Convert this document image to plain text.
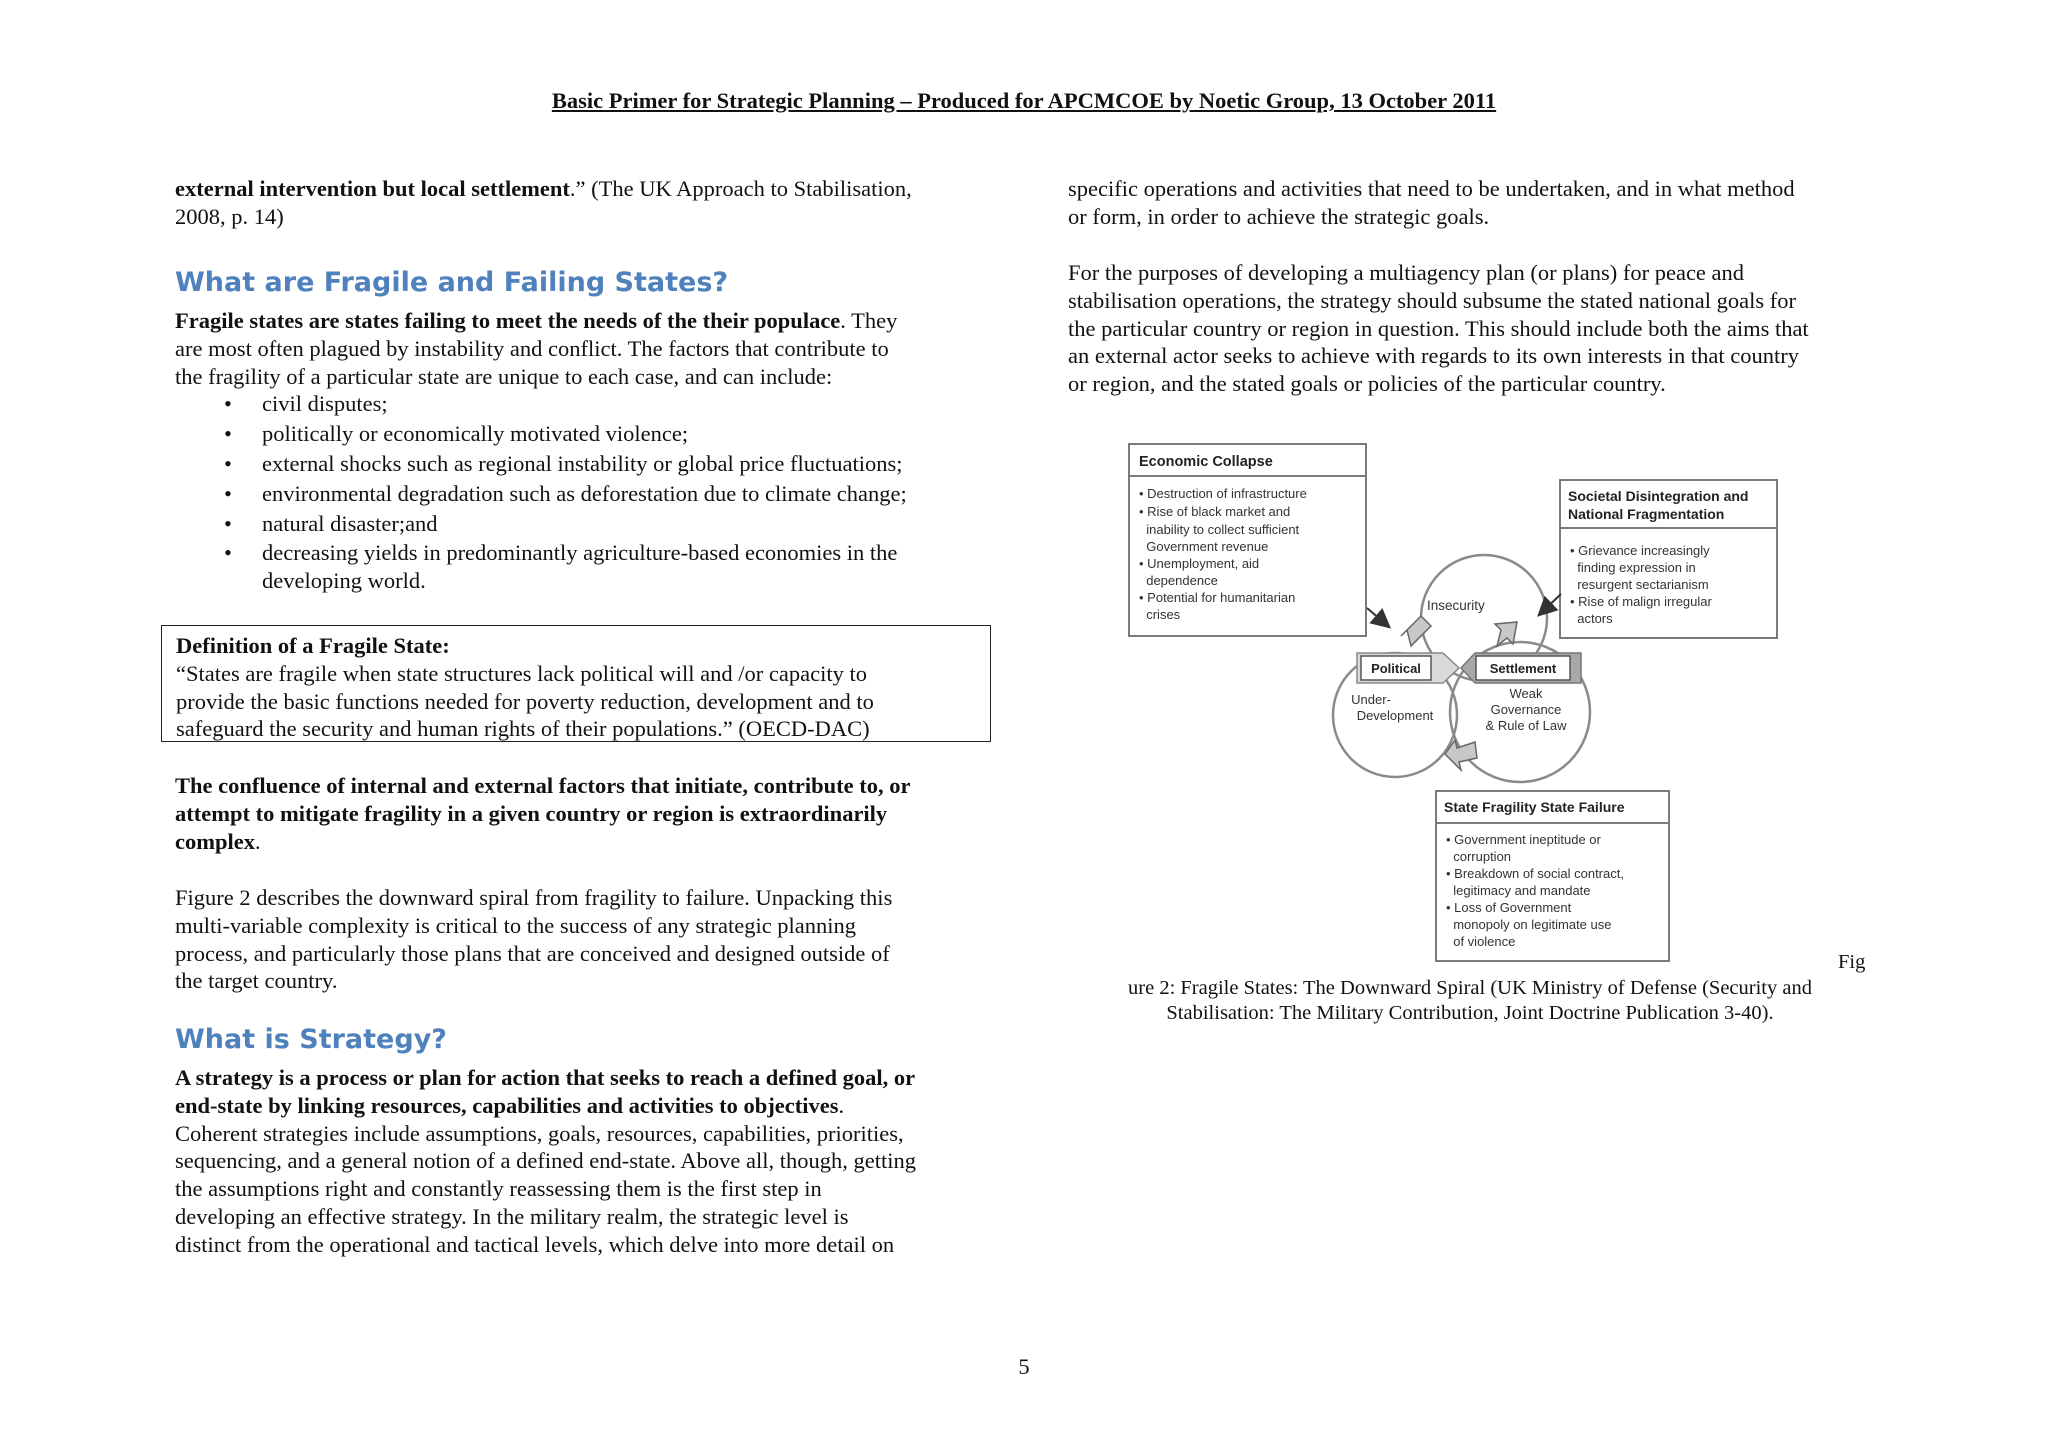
Basic Primer for Strategic Planning – Produced for APCMCOE by Noetic Group, 13 October 2011

external intervention but local settlement.” (The UK Approach to Stabilisation,

2008, p. 14)

What are Fragile and Failing States?

Fragile states are states failing to meet the needs of the their populace. They

are most often plagued by instability and conflict. The factors that contribute to

the fragility of a particular state are unique to each case, and can include:

• civil disputes;
• politically or economically motivated violence;
• external shocks such as regional instability or global price fluctuations;
• environmental degradation such as deforestation due to climate change;
• natural disaster;and
• decreasing yields in predominantly agriculture-based economies in the

developing world.

Definition of a Fragile State:

“States are fragile when state structures lack political will and /or capacity to

provide the basic functions needed for poverty reduction, development and to

safeguard the security and human rights of their populations.” (OECD-DAC)

The confluence of internal and external factors that initiate, contribute to, or

attempt to mitigate fragility in a given country or region is extraordinarily

complex.

Figure 2 describes the downward spiral from fragility to failure. Unpacking this

multi-variable complexity is critical to the success of any strategic planning

process, and particularly those plans that are conceived and designed outside of

the target country.

What is Strategy?

A strategy is a process or plan for action that seeks to reach a defined goal, or

end-state by linking resources, capabilities and activities to objectives.

Coherent strategies include assumptions, goals, resources, capabilities, priorities,

sequencing, and a general notion of a defined end-state. Above all, though, getting

the assumptions right and constantly reassessing them is the first step in

developing an effective strategy. In the military realm, the strategic level is

distinct from the operational and tactical levels, which delve into more detail on

specific operations and activities that need to be undertaken, and in what method

or form, in order to achieve the strategic goals.

For the purposes of developing a multiagency plan (or plans) for peace and

stabilisation operations, the strategy should subsume the stated national goals for

the particular country or region in question. This should include both the aims that

an external actor seeks to achieve with regards to its own interests in that country

or region, and the stated goals or policies of the particular country.

Economic Collapse
• Destruction of infrastructure
• Rise of black market and
inability to collect sufficient
Government revenue
• Unemployment, aid
dependence
• Potential for humanitarian
crises
Societal Disintegration and
National Fragmentation
• Grievance increasingly
finding expression in
resurgent sectarianism
• Rise of malign irregular
actors
Insecurity
Under-
Development
Weak
Governance
& Rule of Law
Political	Settlement
State Fragility State Failure
• Government ineptitude or
corruption
• Breakdown of social contract,
legitimacy and mandate
• Loss of Government
monopoly on legitimate use
of violence
Fig
ure 2: Fragile States: The Downward Spiral (UK Ministry of Defense (Security and
Stabilisation: The Military Contribution, Joint Doctrine Publication 3-40).
5
